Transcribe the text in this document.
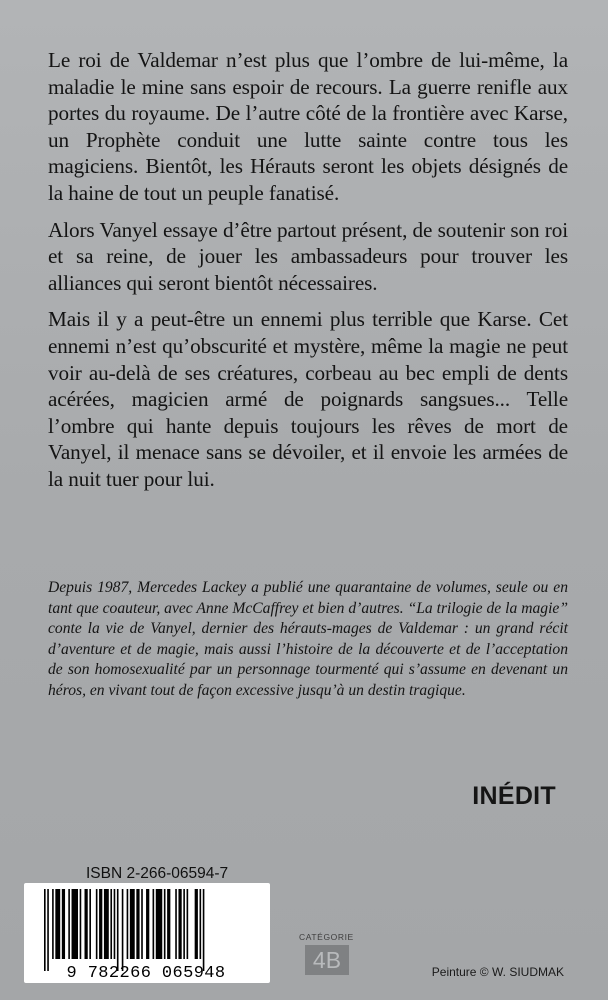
Le roi de Valdemar n’est plus que l’ombre de lui-même, la maladie le mine sans espoir de recours. La guerre renifle aux portes du royaume. De l’autre côté de la frontière avec Karse, un Prophète conduit une lutte sainte contre tous les magiciens. Bientôt, les Hérauts seront les objets désignés de la haine de tout un peuple fanatisé.

Alors Vanyel essaye d’être partout présent, de soutenir son roi et sa reine, de jouer les ambassadeurs pour trouver les alliances qui seront bientôt nécessaires.

Mais il y a peut-être un ennemi plus terrible que Karse. Cet ennemi n’est qu’obscurité et mystère, même la magie ne peut voir au-delà de ses créatures, corbeau au bec empli de dents acérées, magicien armé de poignards sangsues... Telle l’ombre qui hante depuis toujours les rêves de mort de Vanyel, il menace sans se dévoiler, et il envoie les armées de la nuit tuer pour lui.

Depuis 1987, Mercedes Lackey a publié une quarantaine de volumes, seule ou en tant que coauteur, avec Anne McCaffrey et bien d’autres. “La trilogie de la magie” conte la vie de Vanyel, dernier des hérauts-mages de Valdemar : un grand récit d’aventure et de magie, mais aussi l’histoire de la découverte et de l’acceptation de son homosexualité par un personnage tourmenté qui s’assume en devenant un héros, en vivant tout de façon excessive jusqu’à un destin tragique.

INÉDIT
ISBN 2-266-06594-7
9 782266 065948
CATÉGORIE
4B	Peinture © W. SIUDMAK
